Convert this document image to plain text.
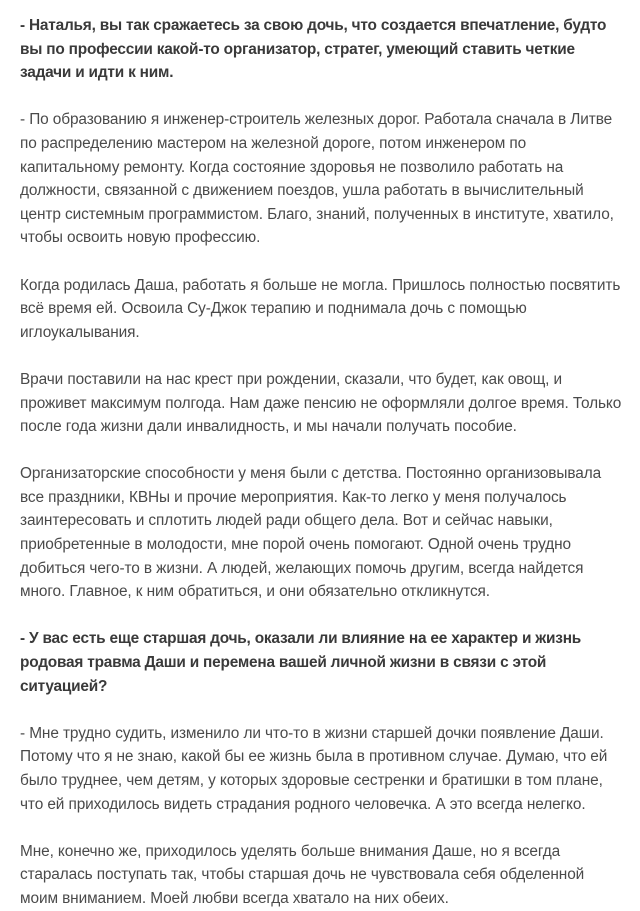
- Наталья, вы так сражаетесь за свою дочь, что создается впечатление, будто вы по профессии какой-то организатор, стратег, умеющий ставить четкие задачи и идти к ним.

- По образованию я инженер-строитель железных дорог. Работала сначала в Литве по распределению мастером на железной дороге, потом инженером по капитальному ремонту. Когда состояние здоровья не позволило работать на должности, связанной с движением поездов, ушла работать в вычислительный центр системным программистом. Благо, знаний, полученных в институте, хватило, чтобы освоить новую профессию.

Когда родилась Даша, работать я больше не могла. Пришлось полностью посвятить всё время ей. Освоила Су-Джок терапию и поднимала дочь с помощью иглоукалывания.

Врачи поставили на нас крест при рождении, сказали, что будет, как овощ, и проживет максимум полгода. Нам даже пенсию не оформляли долгое время. Только после года жизни дали инвалидность, и мы начали получать пособие.

Организаторские способности у меня были с детства. Постоянно организовывала все праздники, КВНы и прочие мероприятия. Как-то легко у меня получалось заинтересовать и сплотить людей ради общего дела. Вот и сейчас навыки, приобретенные в молодости, мне порой очень помогают. Одной очень трудно добиться чего-то в жизни. А людей, желающих помочь другим, всегда найдется много. Главное, к ним обратиться, и они обязательно откликнутся.

- У вас есть еще старшая дочь, оказали ли влияние на ее характер и жизнь родовая травма Даши и перемена вашей личной жизни в связи с этой ситуацией?

- Мне трудно судить, изменило ли что-то в жизни старшей дочки появление Даши. Потому что я не знаю, какой бы ее жизнь была в противном случае. Думаю, что ей было труднее, чем детям, у которых здоровые сестренки и братишки в том плане, что ей приходилось видеть страдания родного человечка. А это всегда нелегко.

Мне, конечно же, приходилось уделять больше внимания Даше, но я всегда старалась поступать так, чтобы старшая дочь не чувствовала себя обделенной моим вниманием. Моей любви всегда хватало на них обеих.
